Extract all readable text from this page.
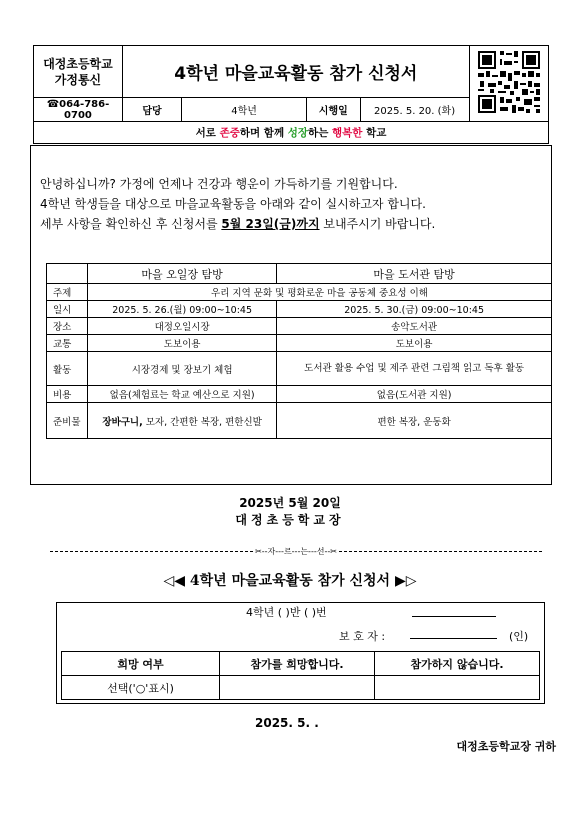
대정초등학교
가정통신	4학년 마을교육활동 참가 신청서	
☎064-786-0700	담당	4학년	시행일	2025. 5. 20. (화)	
서로 존중하며 함께 성장하는 행복한 학교					
안녕하십니까? 가정에 언제나 건강과 행운이 가득하기를 기원합니다.
4학년 학생들을 대상으로 마을교육활동을 아래와 같이 실시하고자 합니다.
세부 사항을 확인하신 후 신청서를 5월 23일(금)까지 보내주시기 바랍니다.
	마을 오일장 탐방	마을 도서관 탐방
주제	우리 지역 문화 및 평화로운 마을 공동체 중요성 이해	
일시	2025. 5. 26.(월) 09:00~10:45	2025. 5. 30.(금) 09:00~10:45
장소	대정오일시장	송악도서관
교통	도보이용	도보이용
활동	시장경제 및 장보기 체험	도서관 활용 수업 및 제주 관련 그림책 읽고 독후 활동
비용	없음(체험료는 학교 예산으로 지원)	없음(도서관 지원)
준비물	장바구니, 모자, 간편한 복장, 편한신발	편한 복장, 운동화
2025년 5월 20일
대정초등학교장
✂--자---르---는---선--✂
◁◀ 4학년 마을교육활동 참가 신청서 ▶▷
4학년 ( )반 ( )번
보 호 자 :	(인)
희망 여부	참가를 희망합니다.	참가하지 않습니다.
선택('○'표시)		
2025. 5. .
대정초등학교장 귀하
